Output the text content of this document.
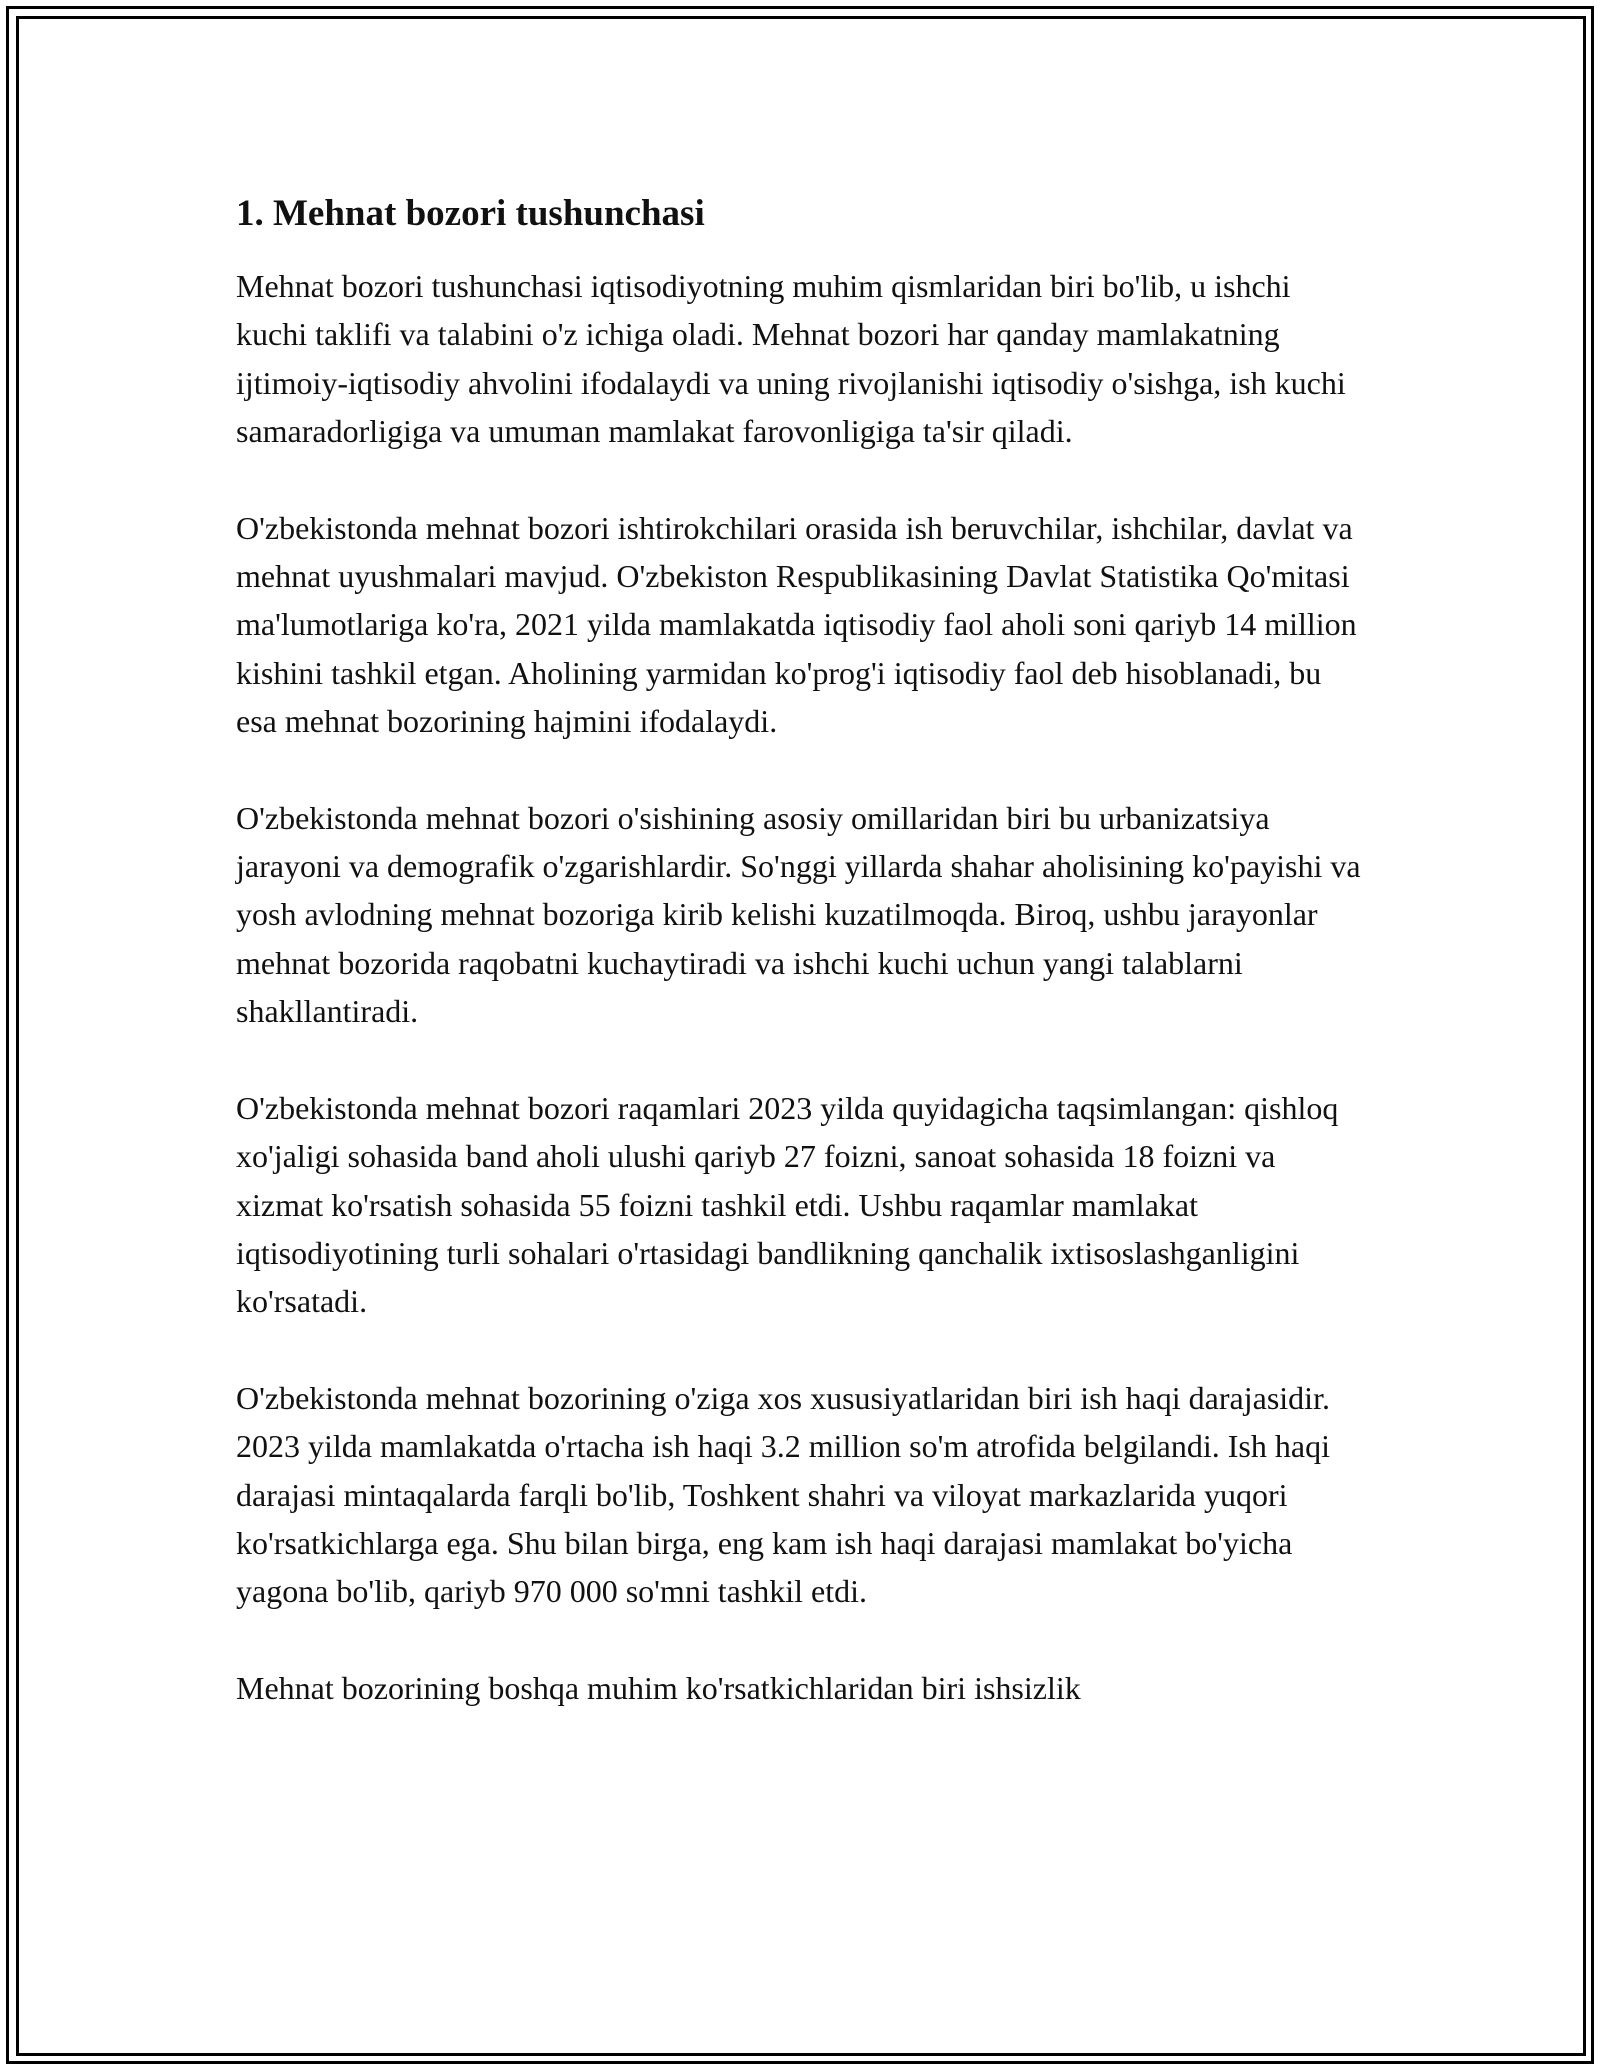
1. Mehnat bozori tushunchasi

Mehnat bozori tushunchasi iqtisodiyotning muhim qismlaridan biri bo'lib, u ishchi kuchi taklifi va talabini o'z ichiga oladi. Mehnat bozori har qanday mamlakatning ijtimoiy-iqtisodiy ahvolini ifodalaydi va uning rivojlanishi iqtisodiy o'sishga, ish kuchi samaradorligiga va umuman mamlakat farovonligiga ta'sir qiladi.

O'zbekistonda mehnat bozori ishtirokchilari orasida ish beruvchilar, ishchilar, davlat va mehnat uyushmalari mavjud. O'zbekiston Respublikasining Davlat Statistika Qo'mitasi ma'lumotlariga ko'ra, 2021 yilda mamlakatda iqtisodiy faol aholi soni qariyb 14 million kishini tashkil etgan. Aholining yarmidan ko'prog'i iqtisodiy faol deb hisoblanadi, bu esa mehnat bozorining hajmini ifodalaydi.

O'zbekistonda mehnat bozori o'sishining asosiy omillaridan biri bu urbanizatsiya jarayoni va demografik o'zgarishlardir. So'nggi yillarda shahar aholisining ko'payishi va yosh avlodning mehnat bozoriga kirib kelishi kuzatilmoqda. Biroq, ushbu jarayonlar mehnat bozorida raqobatni kuchaytiradi va ishchi kuchi uchun yangi talablarni shakllantiradi.

O'zbekistonda mehnat bozori raqamlari 2023 yilda quyidagicha taqsimlangan: qishloq xo'jaligi sohasida band aholi ulushi qariyb 27 foizni, sanoat sohasida 18 foizni va xizmat ko'rsatish sohasida 55 foizni tashkil etdi. Ushbu raqamlar mamlakat iqtisodiyotining turli sohalari o'rtasidagi bandlikning qanchalik ixtisoslashganligini ko'rsatadi.

O'zbekistonda mehnat bozorining o'ziga xos xususiyatlaridan biri ish haqi darajasidir. 2023 yilda mamlakatda o'rtacha ish haqi 3.2 million so'm atrofida belgilandi. Ish haqi darajasi mintaqalarda farqli bo'lib, Toshkent shahri va viloyat markazlarida yuqori ko'rsatkichlarga ega. Shu bilan birga, eng kam ish haqi darajasi mamlakat bo'yicha yagona bo'lib, qariyb 970 000 so'mni tashkil etdi.

Mehnat bozorining boshqa muhim ko'rsatkichlaridan biri ishsizlik
